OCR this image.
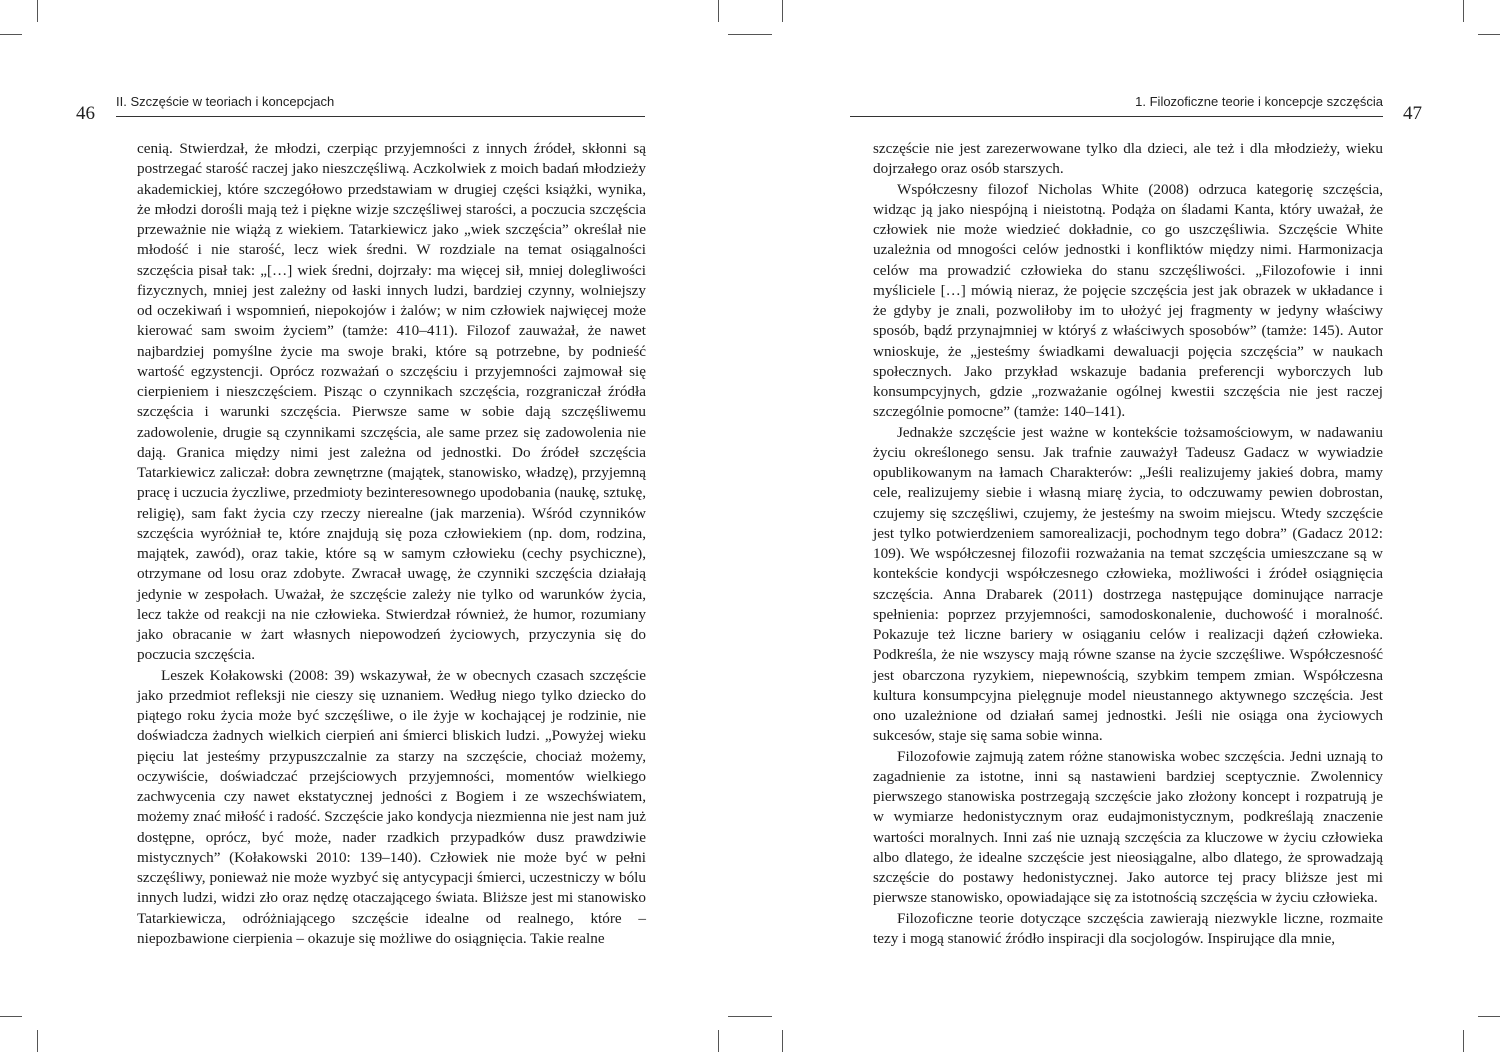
46
II. Szczęście w teoriach i koncepcjach

cenią. Stwierdzał, że młodzi, czerpiąc przyjemności z innych źródeł, skłonni są postrzegać starość raczej jako nieszczęśliwą. Aczkolwiek z moich badań młodzieży akademickiej, które szczegółowo przedstawiam w drugiej części książki, wynika, że młodzi dorośli mają też i piękne wizje szczęśliwej starości, a poczucia szczęścia przeważnie nie wiążą z wiekiem. Tatarkiewicz jako „wiek szczęścia” określał nie młodość i nie starość, lecz wiek średni. W rozdziale na temat osiągalności szczęścia pisał tak: „[…] wiek średni, dojrzały: ma więcej sił, mniej dolegliwości fizycznych, mniej jest zależny od łaski innych ludzi, bardziej czynny, wolniejszy od oczekiwań i wspomnień, niepokojów i żalów; w nim człowiek najwięcej może kierować sam swoim życiem” (tamże: 410–411). Filozof zauważał, że nawet najbardziej pomyślne życie ma swoje braki, które są potrzebne, by podnieść wartość egzystencji. Oprócz rozważań o szczęściu i przyjemności zajmował się cierpieniem i nieszczęściem. Pisząc o czynnikach szczęścia, rozgraniczał źródła szczęścia i warunki szczęścia. Pierwsze same w sobie dają szczęśliwemu zadowolenie, drugie są czynnikami szczęścia, ale same przez się zadowolenia nie dają. Granica między nimi jest zależna od jednostki. Do źródeł szczęścia Tatarkiewicz zaliczał: dobra zewnętrzne (majątek, stanowisko, władzę), przyjemną pracę i uczucia życzliwe, przedmioty bezinteresownego upodobania (naukę, sztukę, religię), sam fakt życia czy rzeczy nierealne (jak marzenia). Wśród czynników szczęścia wyróżniał te, które znajdują się poza człowiekiem (np. dom, rodzina, majątek, zawód), oraz takie, które są w samym człowieku (cechy psychiczne), otrzymane od losu oraz zdobyte. Zwracał uwagę, że czynniki szczęścia działają jedynie w zespołach. Uważał, że szczęście zależy nie tylko od warunków życia, lecz także od reakcji na nie człowieka. Stwierdzał również, że humor, rozumiany jako obracanie w żart własnych niepowodzeń życiowych, przyczynia się do poczucia szczęścia.

Leszek Kołakowski (2008: 39) wskazywał, że w obecnych czasach szczęście jako przedmiot refleksji nie cieszy się uznaniem. Według niego tylko dziecko do piątego roku życia może być szczęśliwe, o ile żyje w kochającej je rodzinie, nie doświadcza żadnych wielkich cierpień ani śmierci bliskich ludzi. „Powyżej wieku pięciu lat jesteśmy przypuszczalnie za starzy na szczęście, chociaż możemy, oczywiście, doświadczać przejściowych przyjemności, momentów wielkiego zachwycenia czy nawet ekstatycznej jedności z Bogiem i ze wszechświatem, możemy znać miłość i radość. Szczęście jako kondycja niezmienna nie jest nam już dostępne, oprócz, być może, nader rzadkich przypadków dusz prawdziwie mistycznych” (Kołakowski 2010: 139–140). Człowiek nie może być w pełni szczęśliwy, ponieważ nie może wyzbyć się antycypacji śmierci, uczestniczy w bólu innych ludzi, widzi zło oraz nędzę otaczającego świata. Bliższe jest mi stanowisko Tatarkiewicza, odróżniającego szczęście idealne od realnego, które – niepozbawione cierpienia – okazuje się możliwe do osiągnięcia. Takie realne

47
1. Filozoficzne teorie i koncepcje szczęścia

szczęście nie jest zarezerwowane tylko dla dzieci, ale też i dla młodzieży, wieku dojrzałego oraz osób starszych.

Współczesny filozof Nicholas White (2008) odrzuca kategorię szczęścia, widząc ją jako niespójną i nieistotną. Podąża on śladami Kanta, który uważał, że człowiek nie może wiedzieć dokładnie, co go uszczęśliwia. Szczęście White uzależnia od mnogości celów jednostki i konfliktów między nimi. Harmonizacja celów ma prowadzić człowieka do stanu szczęśliwości. „Filozofowie i inni myśliciele […] mówią nieraz, że pojęcie szczęścia jest jak obrazek w układance i że gdyby je znali, pozwoliłoby im to ułożyć jej fragmenty w jedyny właściwy sposób, bądź przynajmniej w któryś z właściwych sposobów” (tamże: 145). Autor wnioskuje, że „jesteśmy świadkami dewaluacji pojęcia szczęścia” w naukach społecznych. Jako przykład wskazuje badania preferencji wyborczych lub konsumpcyjnych, gdzie „rozważanie ogólnej kwestii szczęścia nie jest raczej szczególnie pomocne” (tamże: 140–141).

Jednakże szczęście jest ważne w kontekście tożsamościowym, w nadawaniu życiu określonego sensu. Jak trafnie zauważył Tadeusz Gadacz w wywiadzie opublikowanym na łamach Charakterów: „Jeśli realizujemy jakieś dobra, mamy cele, realizujemy siebie i własną miarę życia, to odczuwamy pewien dobrostan, czujemy się szczęśliwi, czujemy, że jesteśmy na swoim miejscu. Wtedy szczęście jest tylko potwierdzeniem samorealizacji, pochodnym tego dobra” (Gadacz 2012: 109). We współczesnej filozofii rozważania na temat szczęścia umieszczane są w kontekście kondycji współczesnego człowieka, możliwości i źródeł osiągnięcia szczęścia. Anna Drabarek (2011) dostrzega następujące dominujące narracje spełnienia: poprzez przyjemności, samodoskonalenie, duchowość i moralność. Pokazuje też liczne bariery w osiąganiu celów i realizacji dążeń człowieka. Podkreśla, że nie wszyscy mają równe szanse na życie szczęśliwe. Współczesność jest obarczona ryzykiem, niepewnością, szybkim tempem zmian. Współczesna kultura konsumpcyjna pielęgnuje model nieustannego aktywnego szczęścia. Jest ono uzależnione od działań samej jednostki. Jeśli nie osiąga ona życiowych sukcesów, staje się sama sobie winna.

Filozofowie zajmują zatem różne stanowiska wobec szczęścia. Jedni uznają to zagadnienie za istotne, inni są nastawieni bardziej sceptycznie. Zwolennicy pierwszego stanowiska postrzegają szczęście jako złożony koncept i rozpatrują je w wymiarze hedonistycznym oraz eudajmonistycznym, podkreślają znaczenie wartości moralnych. Inni zaś nie uznają szczęścia za kluczowe w życiu człowieka albo dlatego, że idealne szczęście jest nieosiągalne, albo dlatego, że sprowadzają szczęście do postawy hedonistycznej. Jako autorce tej pracy bliższe jest mi pierwsze stanowisko, opowiadające się za istotnością szczęścia w życiu człowieka.

Filozoficzne teorie dotyczące szczęścia zawierają niezwykle liczne, rozmaite tezy i mogą stanowić źródło inspiracji dla socjologów. Inspirujące dla mnie,
